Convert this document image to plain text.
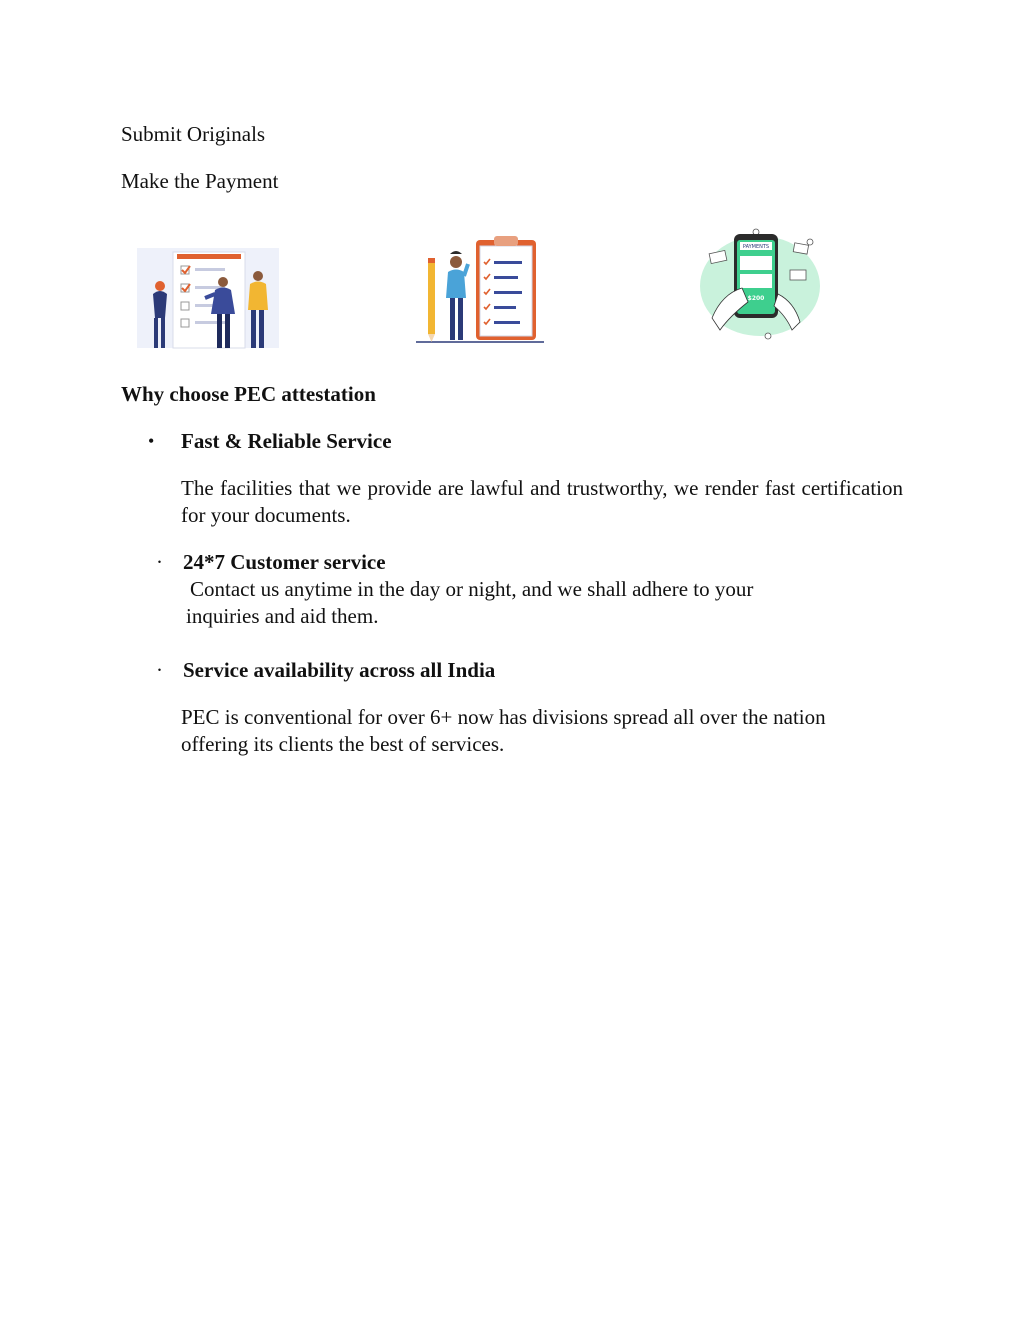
Submit Originals
Make the Payment
PAYMENTS
$200
Why choose PEC attestation
• Fast & Reliable Service
The facilities that we provide are lawful and trustworthy, we render fast certification for your documents.
· 24*7 Customer service
Contact us anytime in the day or night, and we shall adhere to your
inquiries and aid them.
· Service availability across all India
PEC is conventional for over 6+ now has divisions spread all over the nation
offering its clients the best of services.
